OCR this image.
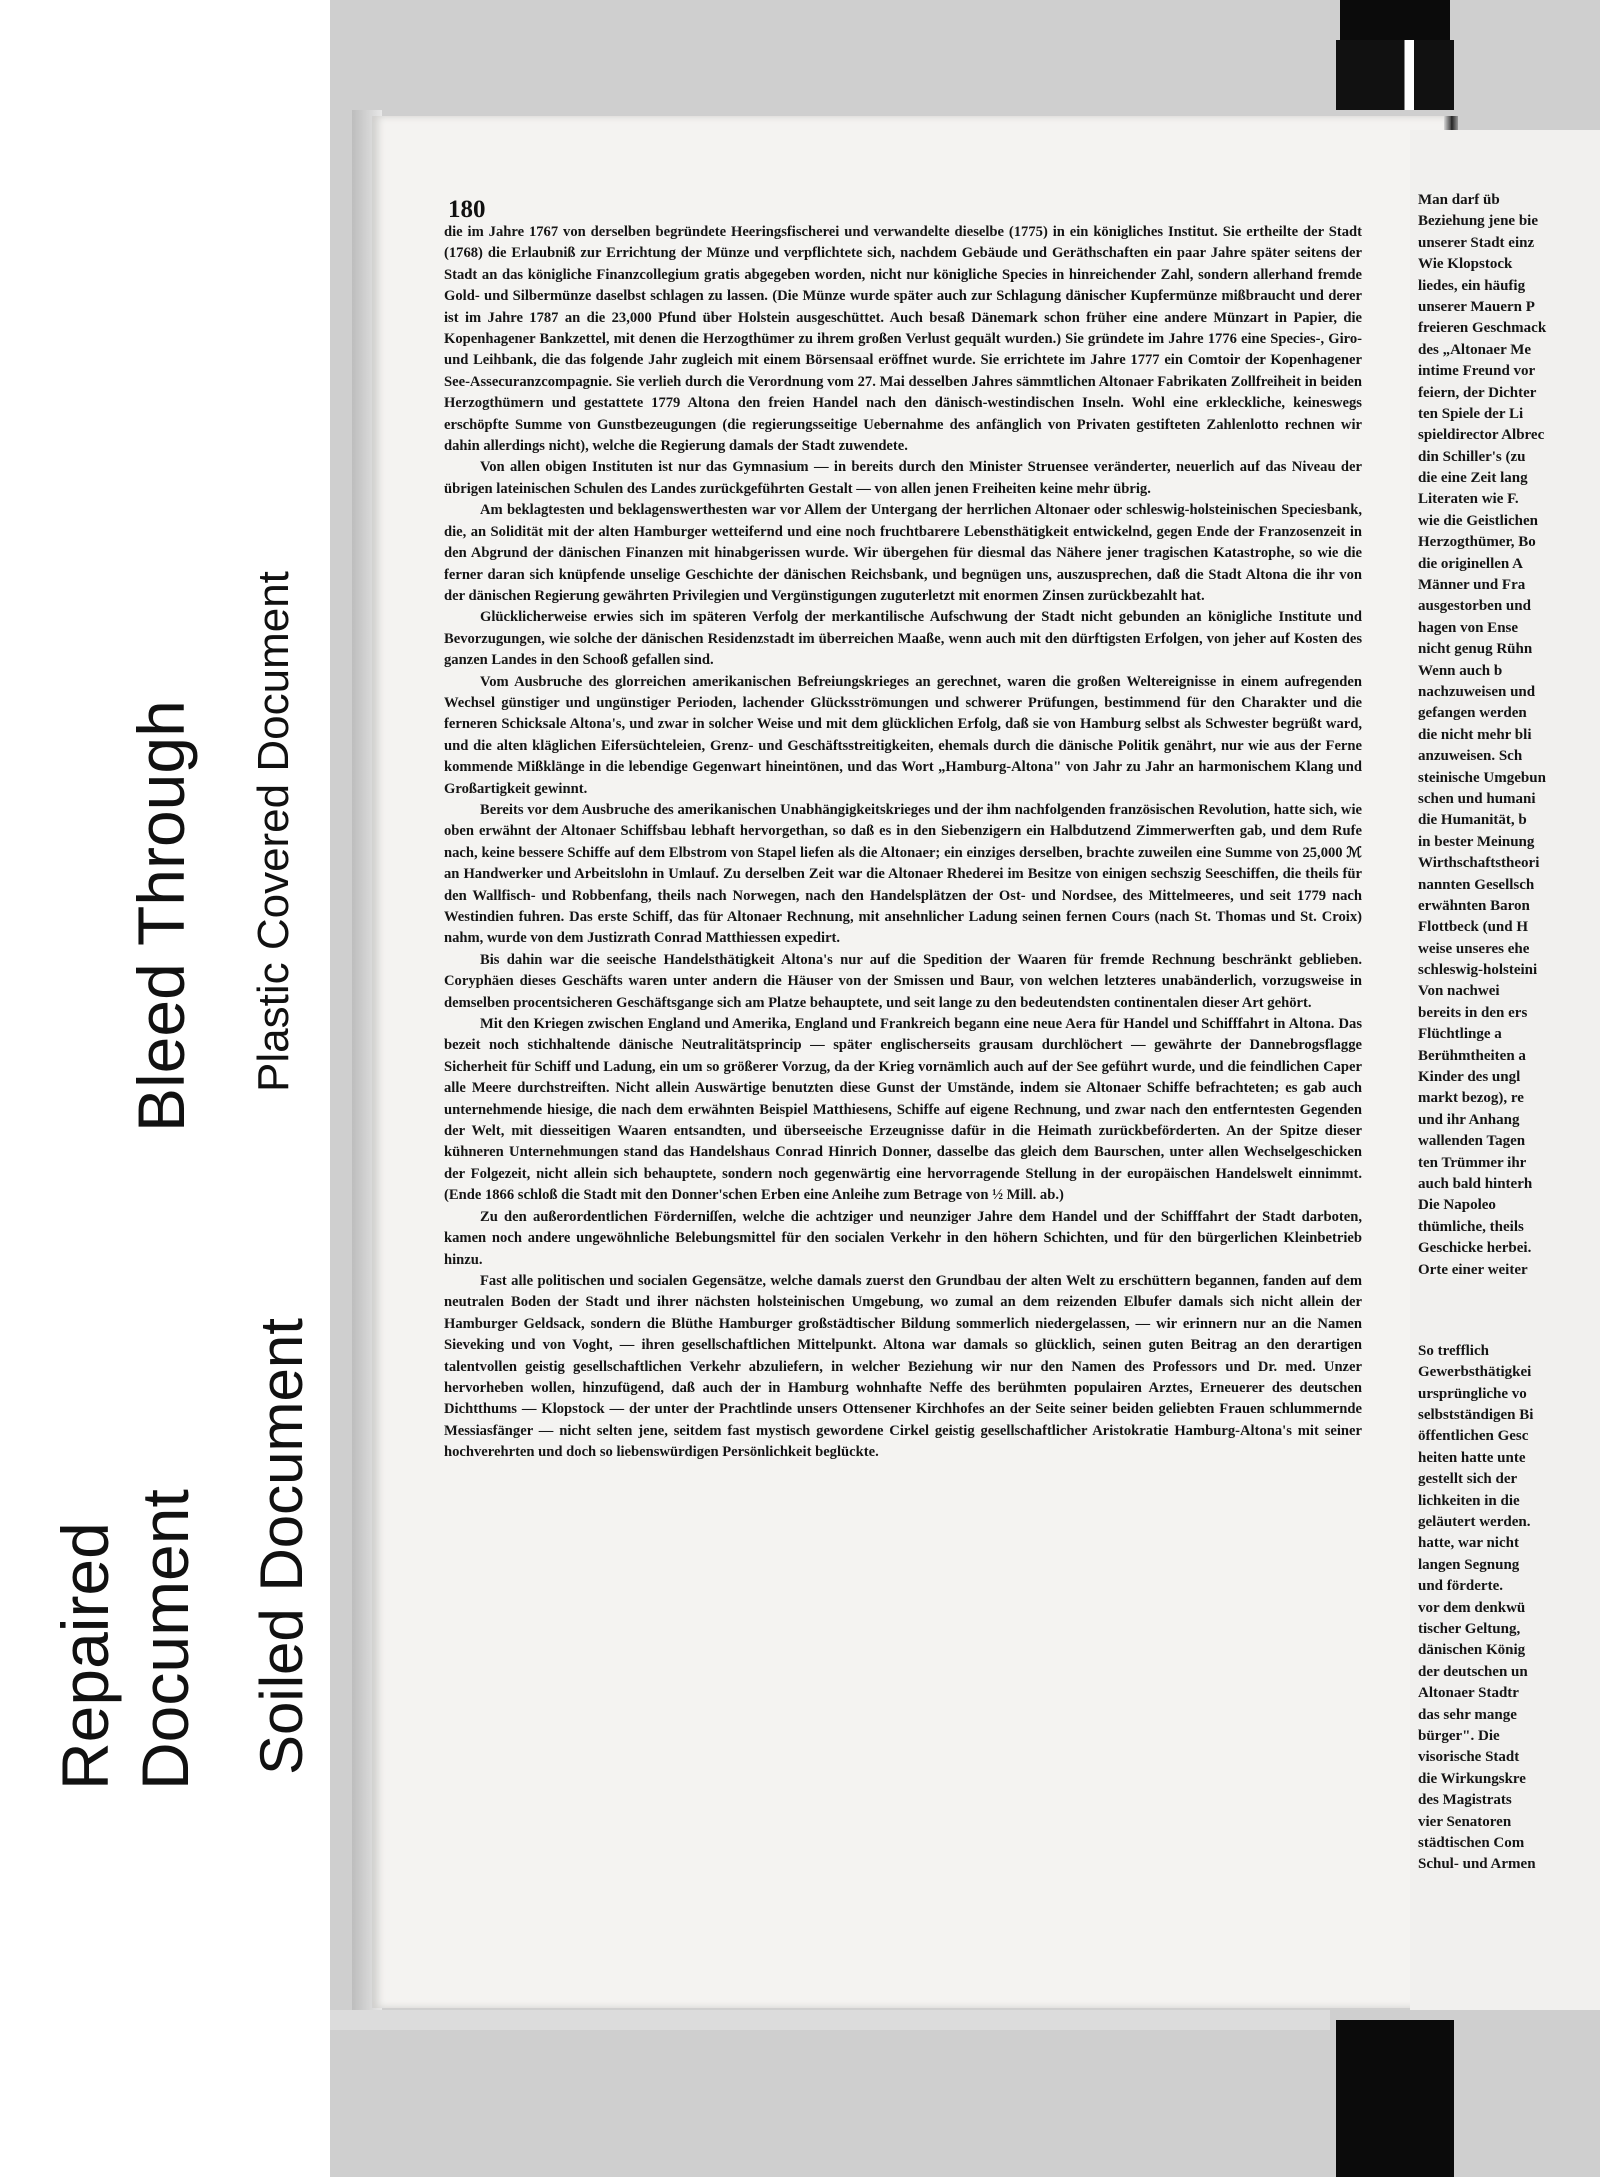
Repaired Document Soiled Document
Bleed Through Plastic Covered Document
180

die im Jahre 1767 von derselben begründete Heeringsfischerei und verwandelte dieselbe (1775) in ein königliches Institut. Sie ertheilte der Stadt (1768) die Erlaubniß zur Errichtung der Münze und verpflichtete sich, nachdem Gebäude und Geräthschaften ein paar Jahre später seitens der Stadt an das königliche Finanzcollegium gratis abgegeben worden, nicht nur königliche Species in hinreichender Zahl, sondern allerhand fremde Gold- und Silbermünze daselbst schlagen zu lassen. (Die Münze wurde später auch zur Schlagung dänischer Kupfermünze mißbraucht und derer ist im Jahre 1787 an die 23,000 Pfund über Holstein ausgeschüttet. Auch besaß Dänemark schon früher eine andere Münzart in Papier, die Kopenhagener Bankzettel, mit denen die Herzogthümer zu ihrem großen Verlust gequält wurden.) Sie gründete im Jahre 1776 eine Species-, Giro- und Leihbank, die das folgende Jahr zugleich mit einem Börsensaal eröffnet wurde. Sie errichtete im Jahre 1777 ein Comtoir der Kopenhagener See-Assecuranzcompagnie. Sie verlieh durch die Verordnung vom 27. Mai desselben Jahres sämmtlichen Altonaer Fabrikaten Zollfreiheit in beiden Herzogthümern und gestattete 1779 Altona den freien Handel nach den dänisch-westindischen Inseln. Wohl eine erkleckliche, keineswegs erschöpfte Summe von Gunstbezeugungen (die regierungsseitige Uebernahme des anfänglich von Privaten gestifteten Zahlenlotto rechnen wir dahin allerdings nicht), welche die Regierung damals der Stadt zuwendete.

Von allen obigen Instituten ist nur das Gymnasium — in bereits durch den Minister Struensee veränderter, neuerlich auf das Niveau der übrigen lateinischen Schulen des Landes zurückgeführten Gestalt — von allen jenen Freiheiten keine mehr übrig.

Am beklagtesten und beklagenswerthesten war vor Allem der Untergang der herrlichen Altonaer oder schleswig-holsteinischen Speciesbank, die, an Solidität mit der alten Hamburger wetteifernd und eine noch fruchtbarere Lebensthätigkeit entwickelnd, gegen Ende der Franzosenzeit in den Abgrund der dänischen Finanzen mit hinabgerissen wurde. Wir übergehen für diesmal das Nähere jener tragischen Katastrophe, so wie die ferner daran sich knüpfende unselige Geschichte der dänischen Reichsbank, und begnügen uns, auszusprechen, daß die Stadt Altona die ihr von der dänischen Regierung gewährten Privilegien und Vergünstigungen zuguterletzt mit enormen Zinsen zurückbezahlt hat.

Glücklicherweise erwies sich im späteren Verfolg der merkantilische Aufschwung der Stadt nicht gebunden an königliche Institute und Bevorzugungen, wie solche der dänischen Residenzstadt im überreichen Maaße, wenn auch mit den dürftigsten Erfolgen, von jeher auf Kosten des ganzen Landes in den Schooß gefallen sind.

Vom Ausbruche des glorreichen amerikanischen Befreiungskrieges an gerechnet, waren die großen Weltereignisse in einem aufregenden Wechsel günstiger und ungünstiger Perioden, lachender Glücksströmungen und schwerer Prüfungen, bestimmend für den Charakter und die ferneren Schicksale Altona's, und zwar in solcher Weise und mit dem glücklichen Erfolg, daß sie von Hamburg selbst als Schwester begrüßt ward, und die alten kläglichen Eifersüchteleien, Grenz- und Geschäftsstreitigkeiten, ehemals durch die dänische Politik genährt, nur wie aus der Ferne kommende Mißklänge in die lebendige Gegenwart hineintönen, und das Wort „Hamburg-Altona" von Jahr zu Jahr an harmonischem Klang und Großartigkeit gewinnt.

Bereits vor dem Ausbruche des amerikanischen Unabhängigkeitskrieges und der ihm nachfolgenden französischen Revolution, hatte sich, wie oben erwähnt der Altonaer Schiffsbau lebhaft hervorgethan, so daß es in den Siebenzigern ein Halbdutzend Zimmerwerften gab, und dem Rufe nach, keine bessere Schiffe auf dem Elbstrom von Stapel liefen als die Altonaer; ein einziges derselben, brachte zuweilen eine Summe von 25,000 ℳ an Handwerker und Arbeitslohn in Umlauf. Zu derselben Zeit war die Altonaer Rhederei im Besitze von einigen sechszig Seeschiffen, die theils für den Wallfisch- und Robbenfang, theils nach Norwegen, nach den Handelsplätzen der Ost- und Nordsee, des Mittelmeeres, und seit 1779 nach Westindien fuhren. Das erste Schiff, das für Altonaer Rechnung, mit ansehnlicher Ladung seinen fernen Cours (nach St. Thomas und St. Croix) nahm, wurde von dem Justizrath Conrad Matthiessen expedirt.

Bis dahin war die seeische Handelsthätigkeit Altona's nur auf die Spedition der Waaren für fremde Rechnung beschränkt geblieben. Coryphäen dieses Geschäfts waren unter andern die Häuser von der Smissen und Baur, von welchen letzteres unabänderlich, vorzugsweise in demselben procentsicheren Geschäftsgange sich am Platze behauptete, und seit lange zu den bedeutendsten continentalen dieser Art gehört.

Mit den Kriegen zwischen England und Amerika, England und Frankreich begann eine neue Aera für Handel und Schifffahrt in Altona. Das bezeit noch stichhaltende dänische Neutralitätsprincip — später englischerseits grausam durchlöchert — gewährte der Dannebrogsflagge Sicherheit für Schiff und Ladung, ein um so größerer Vorzug, da der Krieg vornämlich auch auf der See geführt wurde, und die feindlichen Caper alle Meere durchstreiften. Nicht allein Auswärtige benutzten diese Gunst der Umstände, indem sie Altonaer Schiffe befrachteten; es gab auch unternehmende hiesige, die nach dem erwähnten Beispiel Matthiesens, Schiffe auf eigene Rechnung, und zwar nach den entferntesten Gegenden der Welt, mit diesseitigen Waaren entsandten, und überseeische Erzeugnisse dafür in die Heimath zurückbeförderten. An der Spitze dieser kühneren Unternehmungen stand das Handelshaus Conrad Hinrich Donner, dasselbe das gleich dem Baurschen, unter allen Wechselgeschicken der Folgezeit, nicht allein sich behauptete, sondern noch gegenwärtig eine hervorragende Stellung in der europäischen Handelswelt einnimmt. (Ende 1866 schloß die Stadt mit den Donner'schen Erben eine Anleihe zum Betrage von ½ Mill. ab.)

Zu den außerordentlichen Förderniſſen, welche die achtziger und neunziger Jahre dem Handel und der Schifffahrt der Stadt darboten, kamen noch andere ungewöhnliche Belebungsmittel für den socialen Verkehr in den höhern Schichten, und für den bürgerlichen Kleinbetrieb hinzu.

Fast alle politischen und socialen Gegensätze, welche damals zuerst den Grundbau der alten Welt zu erschüttern begannen, fanden auf dem neutralen Boden der Stadt und ihrer nächsten holsteinischen Umgebung, wo zumal an dem reizenden Elbufer damals sich nicht allein der Hamburger Geldsack, sondern die Blüthe Hamburger großstädtischer Bildung sommerlich niedergelassen, — wir erinnern nur an die Namen Sieveking und von Voght, — ihren gesellschaftlichen Mittelpunkt. Altona war damals so glücklich, seinen guten Beitrag an den derartigen talentvollen geistig gesellschaftlichen Verkehr abzuliefern, in welcher Beziehung wir nur den Namen des Professors und Dr. med. Unzer hervorheben wollen, hinzufügend, daß auch der in Hamburg wohnhafte Neffe des berühmten populairen Arztes, Erneuerer des deutschen Dichtthums — Klopstock — der unter der Prachtlinde unsers Ottensener Kirchhofes an der Seite seiner beiden geliebten Frauen schlummernde Messiasfänger — nicht selten jene, seitdem fast mystisch gewordene Cirkel geistig gesellschaftlicher Aristokratie Hamburg-Altona's mit seiner hochverehrten und doch so liebenswürdigen Persönlichkeit beglückte.

Man darf üb
Beziehung jene bie
unserer Stadt einz
Wie Klopstock
liedes, ein häufig
unserer Mauern P
freieren Geschmack
des „Altonaer Me
intime Freund vor
feiern, der Dichter
ten Spiele der Li
spieldirector Albrec
din Schiller's (zu
die eine Zeit lang
Literaten wie F.
wie die Geistlichen
Herzogthümer, Bo
die originellen A
Männer und Fra
ausgestorben und
hagen von Ense
nicht genug Rühn
Wenn auch b
nachzuweisen und
gefangen werden
die nicht mehr bli
anzuweisen. Sch
steinische Umgebun
schen und humani
die Humanität, b
in bester Meinung
Wirthschaftstheori
nannten Gesellsch
erwähnten Baron
Flottbeck (und H
weise unseres ehe
schleswig-holsteini
Von nachwei
bereits in den ers
Flüchtlinge a
Berühmtheiten a
Kinder des ungl
markt bezog), re
und ihr Anhang
wallenden Tagen
ten Trümmer ihr
auch bald hinterh
Die Napoleo
thümliche, theils
Geschicke herbei.
Orte einer weiter
So trefflich
Gewerbsthätigkei
ursprüngliche vo
selbstständigen Bi
öffentlichen Gesc
heiten hatte unte
gestellt sich der
lichkeiten in die
geläutert werden.
hatte, war nicht
langen Segnung
und förderte.
vor dem denkwü
tischer Geltung,
dänischen König
der deutschen un
Altonaer Stadtr
das sehr mange
bürger". Die
visorische Stadt
die Wirkungskre
des Magistrats
vier Senatoren
städtischen Com
Schul- und Armen
